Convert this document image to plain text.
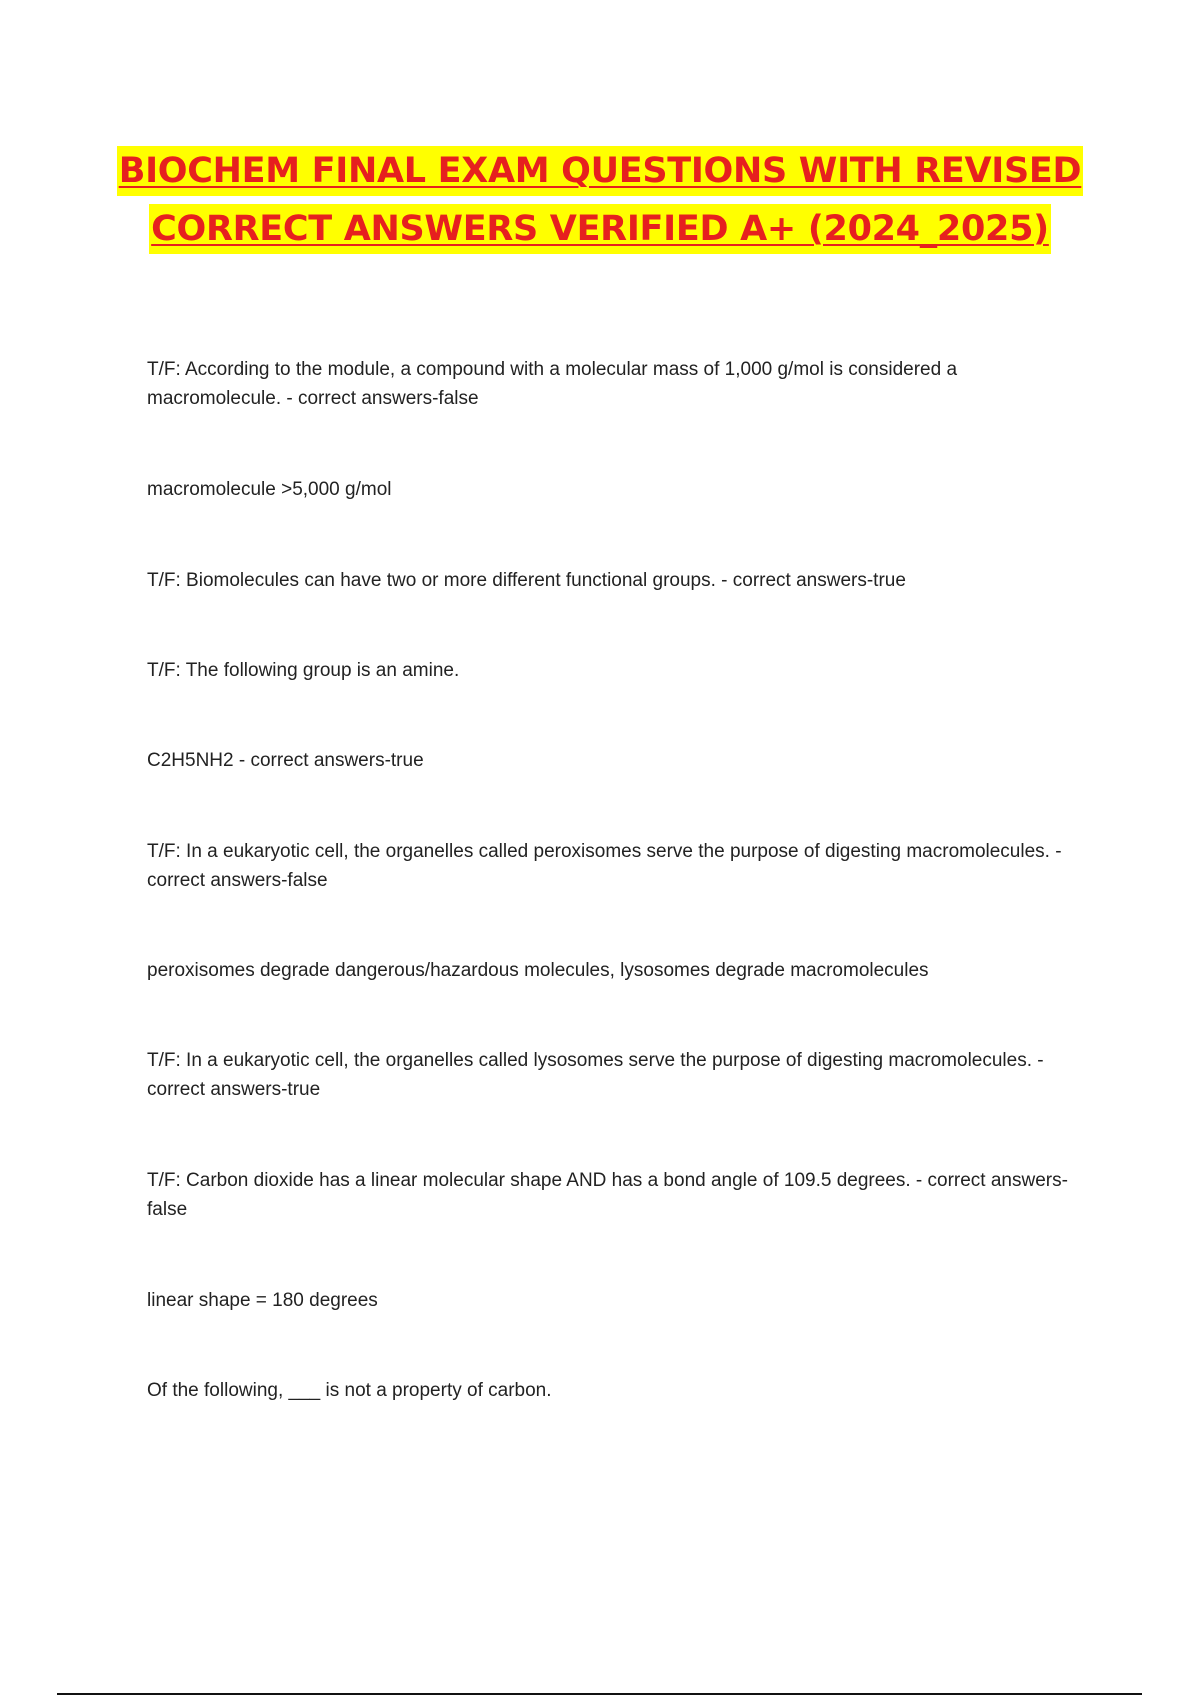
BIOCHEM FINAL EXAM QUESTIONS WITH REVISED
CORRECT ANSWERS VERIFIED A+ (2024_2025)
T/F: According to the module, a compound with a molecular mass of 1,000 g/mol is considered a macromolecule. - correct answers-false
macromolecule >5,000 g/mol
T/F: Biomolecules can have two or more different functional groups. - correct answers-true
T/F: The following group is an amine.
C2H5NH2 - correct answers-true
T/F: In a eukaryotic cell, the organelles called peroxisomes serve the purpose of digesting macromolecules. - correct answers-false
peroxisomes degrade dangerous/hazardous molecules, lysosomes degrade macromolecules
T/F: In a eukaryotic cell, the organelles called lysosomes serve the purpose of digesting macromolecules. - correct answers-true
T/F: Carbon dioxide has a linear molecular shape AND has a bond angle of 109.5 degrees. - correct answers-false
linear shape = 180 degrees
Of the following, ___ is not a property of carbon.
